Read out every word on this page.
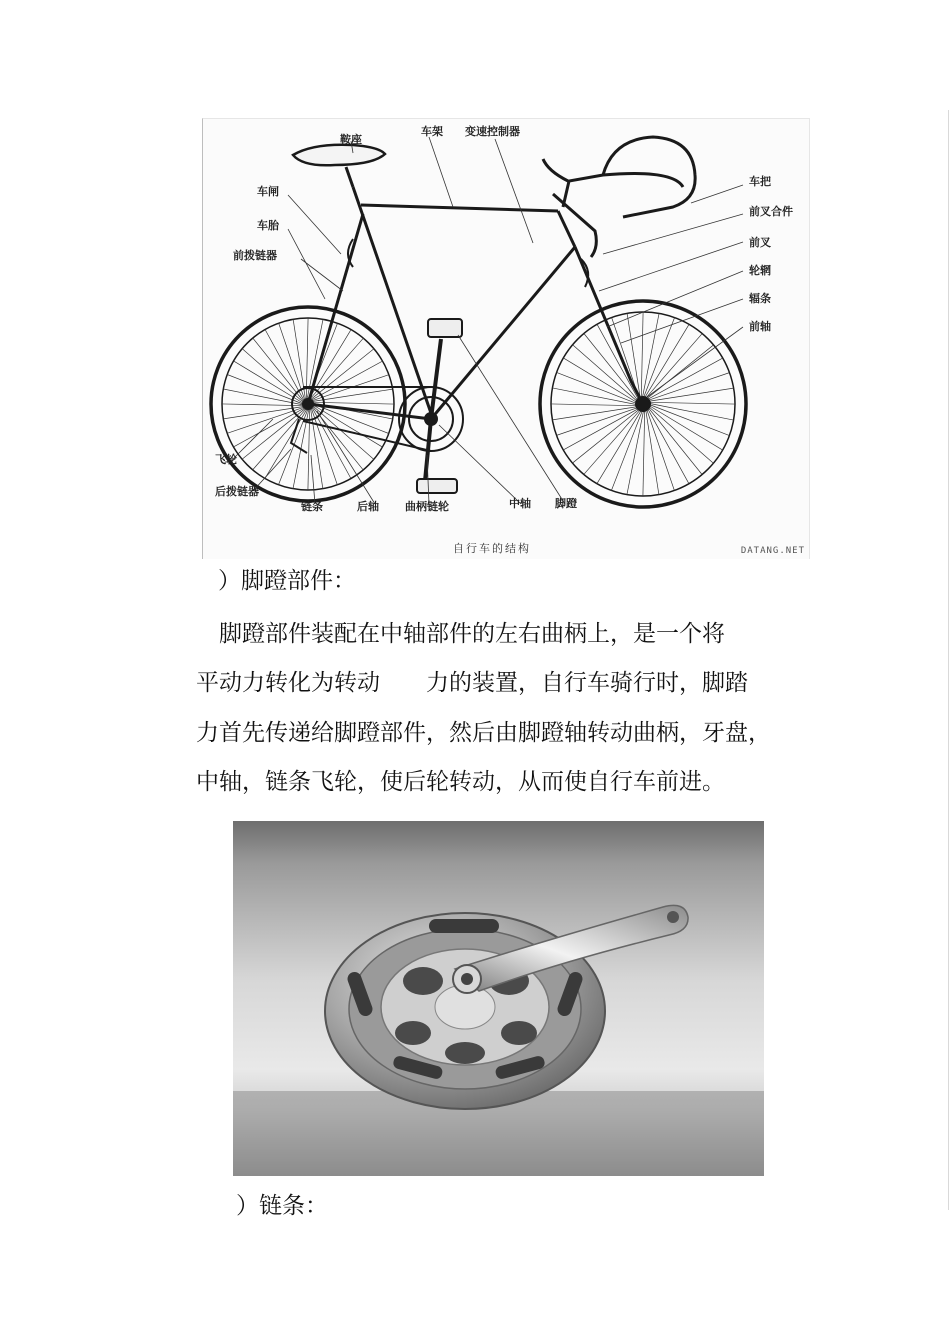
鞍座
车架 变速控制器
车闸
车胎
前拨链器
车把
前叉合件
前叉
轮辋
辐条
前轴
飞轮
后拨链器
链条	后轴 曲柄链轮	中轴 脚蹬
自行车的结构	DATANG.NET
）脚蹬部件：
　脚蹬部件装配在中轴部件的左右曲柄上，是一个将
平动力转化为转动　　力的装置，自行车骑行时，脚踏
力首先传递给脚蹬部件，然后由脚蹬轴转动曲柄，牙盘，
中轴，链条飞轮，使后轮转动，从而使自行车前进。
）链条：
